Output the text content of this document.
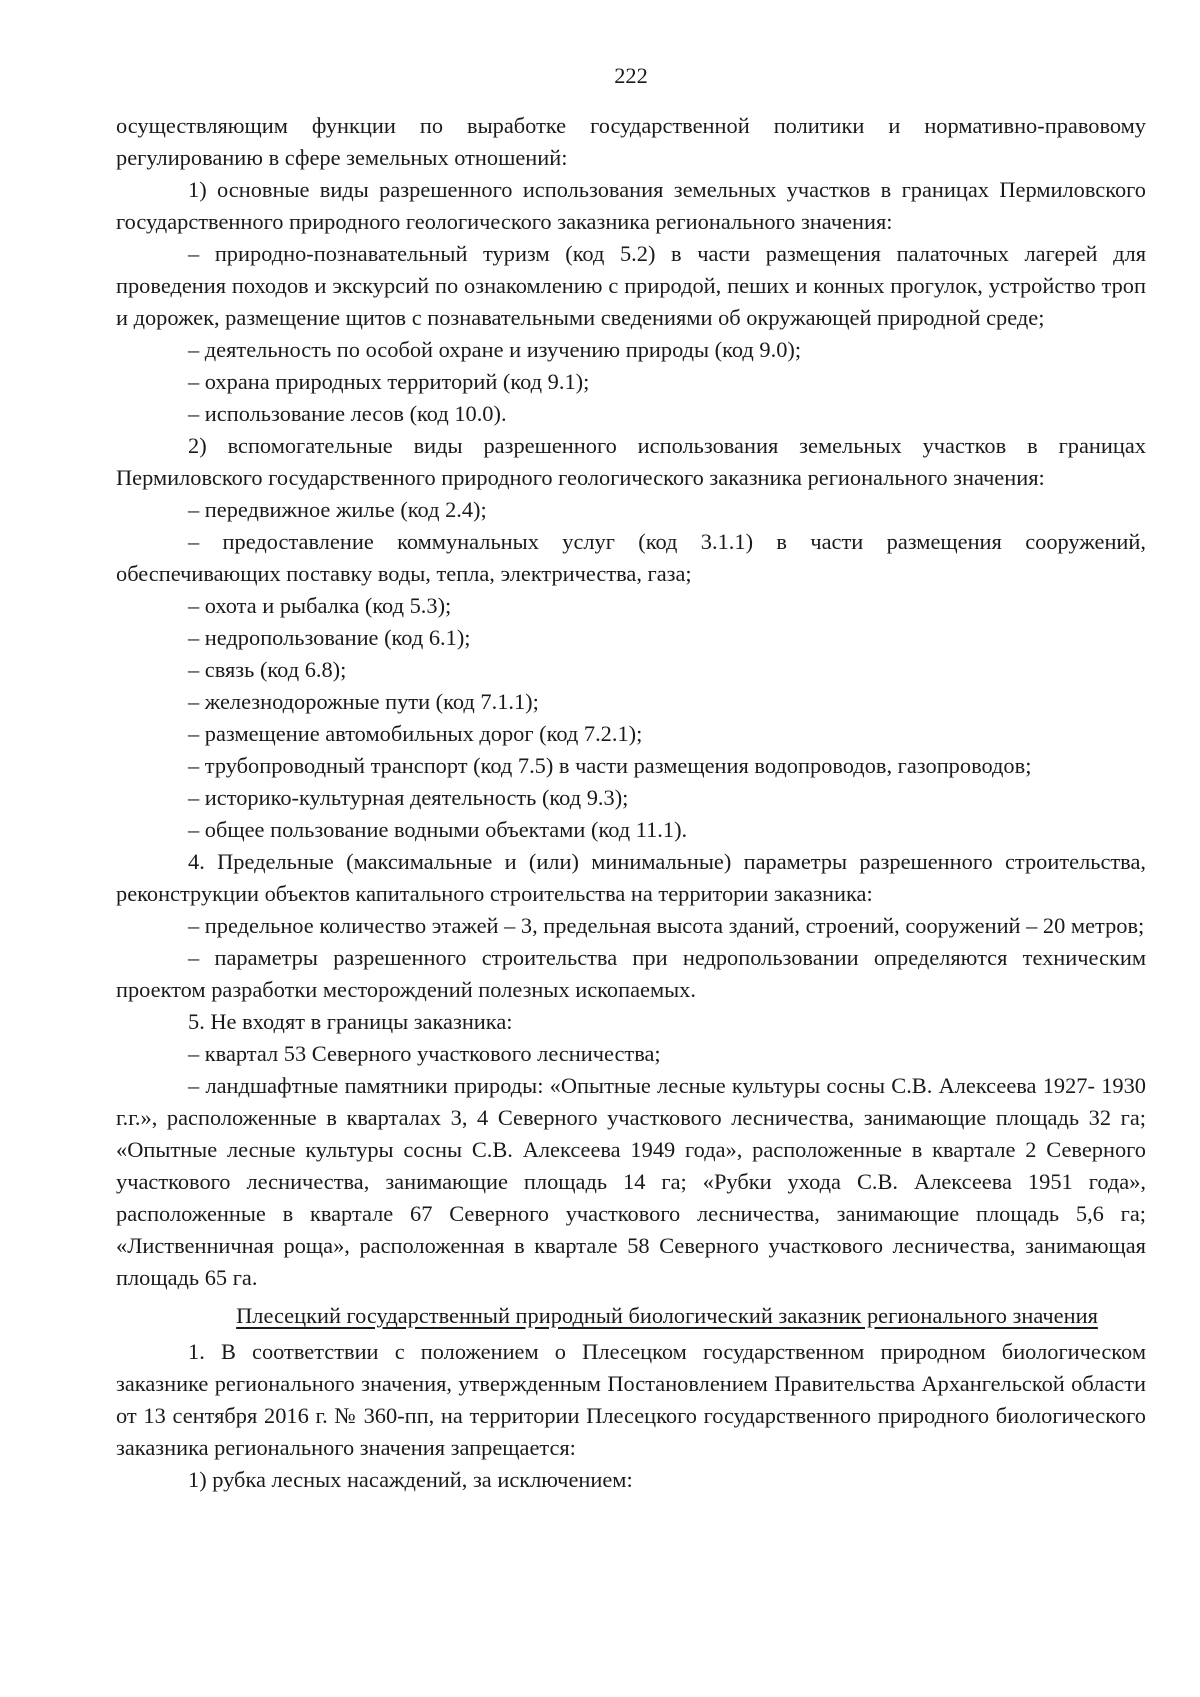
222

осуществляющим функции по выработке государственной политики и нормативно-правовому регулированию в сфере земельных отношений:

1) основные виды разрешенного использования земельных участков в границах Пермиловского государственного природного геологического заказника регионального значения:

– природно-познавательный туризм (код 5.2) в части размещения палаточных лагерей для проведения походов и экскурсий по ознакомлению с природой, пеших и конных прогулок, устройство троп и дорожек, размещение щитов с познавательными сведениями об окружающей природной среде;

– деятельность по особой охране и изучению природы (код 9.0);

– охрана природных территорий (код 9.1);

– использование лесов (код 10.0).

2) вспомогательные виды разрешенного использования земельных участков в границах Пермиловского государственного природного геологического заказника регионального значения:

– передвижное жилье (код 2.4);

– предоставление коммунальных услуг (код 3.1.1) в части размещения сооружений, обеспечивающих поставку воды, тепла, электричества, газа;

– охота и рыбалка (код 5.3);

– недропользование (код 6.1);

– связь (код 6.8);

– железнодорожные пути (код 7.1.1);

– размещение автомобильных дорог (код 7.2.1);

– трубопроводный транспорт (код 7.5) в части размещения водопроводов, газопроводов;

– историко-культурная деятельность (код 9.3);

– общее пользование водными объектами (код 11.1).

4. Предельные (максимальные и (или) минимальные) параметры разрешенного строительства, реконструкции объектов капитального строительства на территории заказника:

– предельное количество этажей – 3, предельная высота зданий, строений, сооружений – 20 метров;

– параметры разрешенного строительства при недропользовании определяются техническим проектом разработки месторождений полезных ископаемых.

5. Не входят в границы заказника:

– квартал 53 Северного участкового лесничества;

– ландшафтные памятники природы: «Опытные лесные культуры сосны С.В. Алексеева 1927- 1930 г.г.», расположенные в кварталах 3, 4 Северного участкового лесничества, занимающие площадь 32 га; «Опытные лесные культуры сосны С.В. Алексеева 1949 года», расположенные в квартале 2 Северного участкового лесничества, занимающие площадь 14 га; «Рубки ухода С.В. Алексеева 1951 года», расположенные в квартале 67 Северного участкового лесничества, занимающие площадь 5,6 га; «Лиственничная роща», расположенная в квартале 58 Северного участкового лесничества, занимающая площадь 65 га.

Плесецкий государственный природный биологический заказник регионального значения

1. В соответствии с положением о Плесецком государственном природном биологическом заказнике регионального значения, утвержденным Постановлением Правительства Архангельской области от 13 сентября 2016 г. № 360-пп, на территории Плесецкого государственного природного биологического заказника регионального значения запрещается:

1) рубка лесных насаждений, за исключением:
